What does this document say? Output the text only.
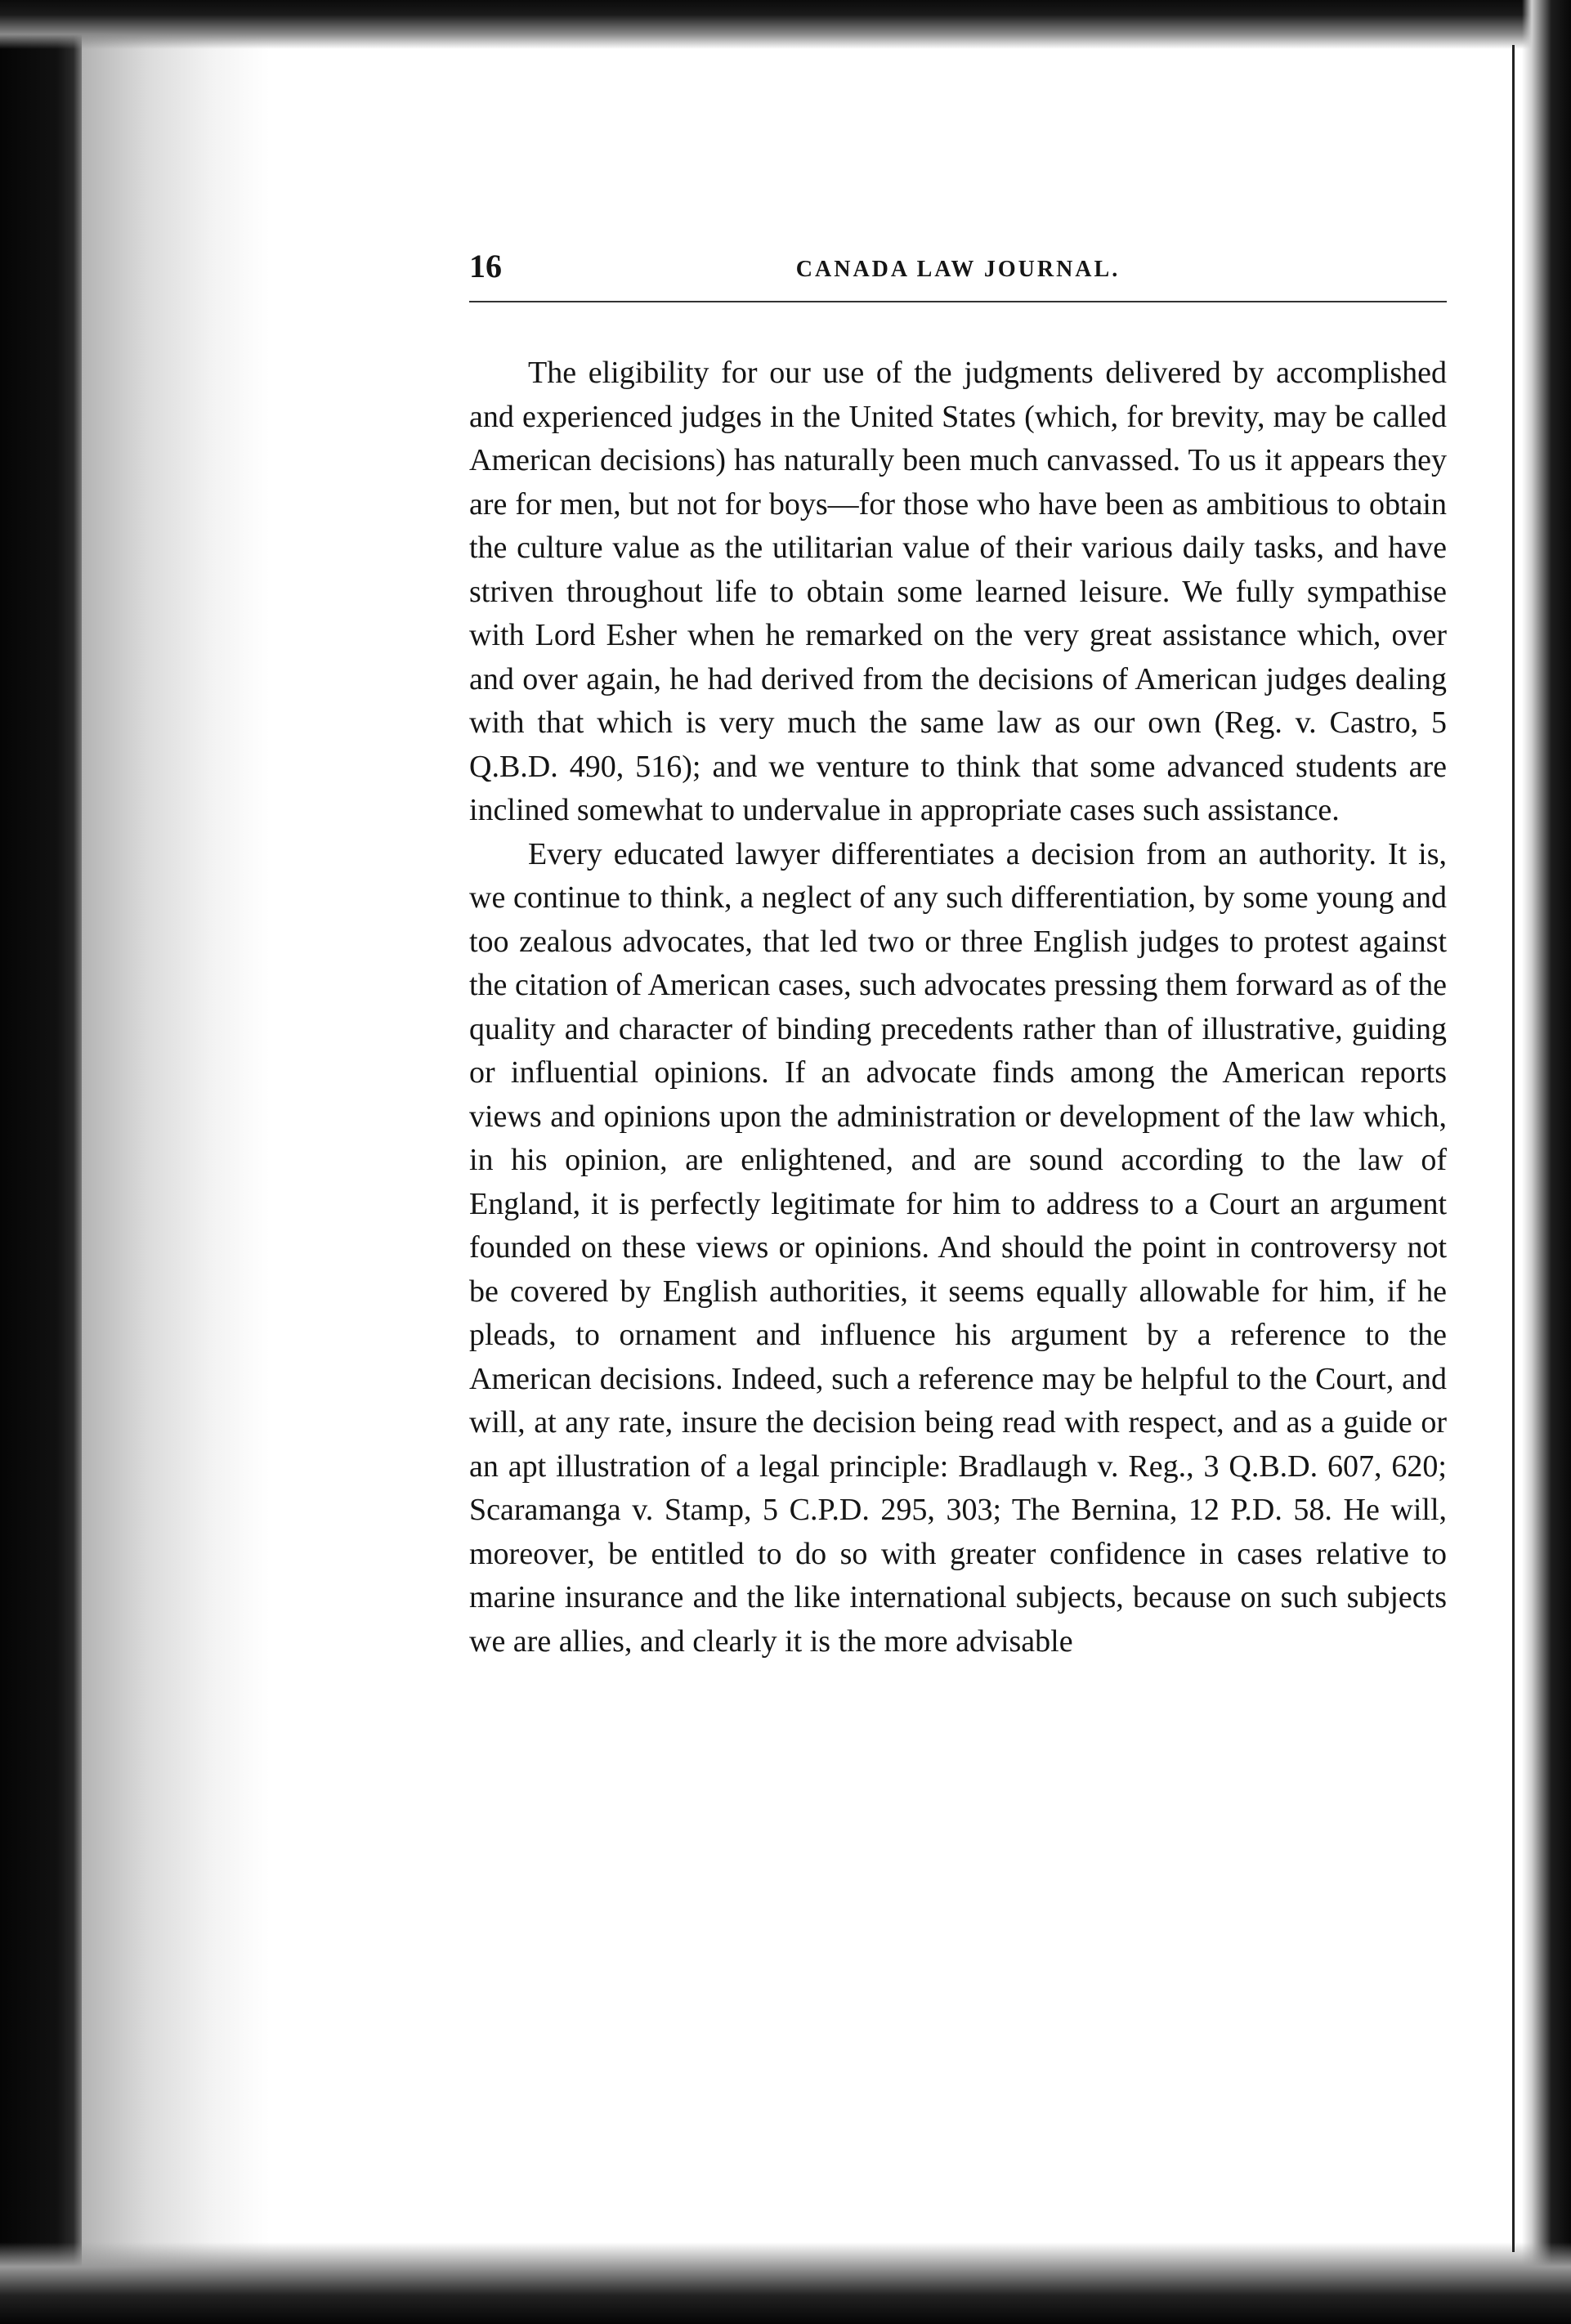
16	CANADA LAW JOURNAL.

The eligibility for our use of the judgments delivered by accomplished and experienced judges in the United States (which, for brevity, may be called American decisions) has naturally been much canvassed. To us it appears they are for men, but not for boys—for those who have been as ambitious to obtain the culture value as the utilitarian value of their various daily tasks, and have striven throughout life to obtain some learned leisure. We fully sympathise with Lord Esher when he remarked on the very great assistance which, over and over again, he had derived from the decisions of American judges dealing with that which is very much the same law as our own (Reg. v. Castro, 5 Q.B.D. 490, 516); and we venture to think that some advanced students are inclined somewhat to undervalue in appropriate cases such assistance.

Every educated lawyer differentiates a decision from an authority. It is, we continue to think, a neglect of any such differentiation, by some young and too zealous advocates, that led two or three English judges to protest against the citation of American cases, such advocates pressing them forward as of the quality and character of binding precedents rather than of illustrative, guiding or influential opinions. If an advocate finds among the American reports views and opinions upon the administration or development of the law which, in his opinion, are enlightened, and are sound according to the law of England, it is perfectly legitimate for him to address to a Court an argument founded on these views or opinions. And should the point in controversy not be covered by English authorities, it seems equally allowable for him, if he pleads, to ornament and influence his argument by a reference to the American decisions. Indeed, such a reference may be helpful to the Court, and will, at any rate, insure the decision being read with respect, and as a guide or an apt illustration of a legal principle: Bradlaugh v. Reg., 3 Q.B.D. 607, 620; Scaramanga v. Stamp, 5 C.P.D. 295, 303; The Bernina, 12 P.D. 58. He will, moreover, be entitled to do so with greater confidence in cases relative to marine insurance and the like international subjects, because on such subjects we are allies, and clearly it is the more advisable
